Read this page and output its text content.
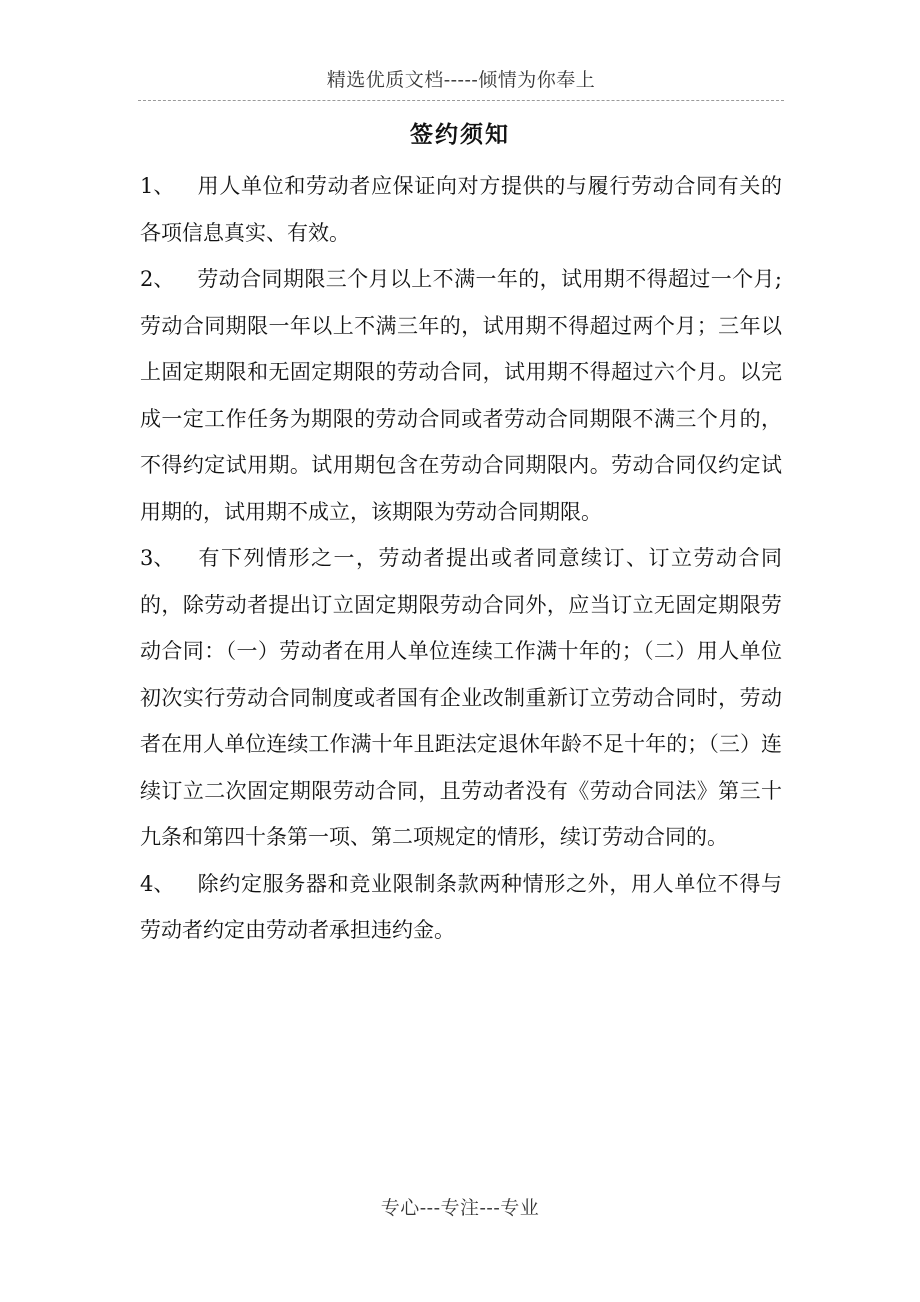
精选优质文档-----倾情为你奉上
签约须知

1、 用人单位和劳动者应保证向对方提供的与履行劳动合同有关的各项信息真实、有效。

2、 劳动合同期限三个月以上不满一年的，试用期不得超过一个月;劳动合同期限一年以上不满三年的，试用期不得超过两个月；三年以上固定期限和无固定期限的劳动合同，试用期不得超过六个月。以完成一定工作任务为期限的劳动合同或者劳动合同期限不满三个月的，不得约定试用期。试用期包含在劳动合同期限内。劳动合同仅约定试用期的，试用期不成立，该期限为劳动合同期限。

3、 有下列情形之一，劳动者提出或者同意续订、订立劳动合同的，除劳动者提出订立固定期限劳动合同外，应当订立无固定期限劳动合同：（一）劳动者在用人单位连续工作满十年的；（二）用人单位初次实行劳动合同制度或者国有企业改制重新订立劳动合同时，劳动者在用人单位连续工作满十年且距法定退休年龄不足十年的；（三）连续订立二次固定期限劳动合同，且劳动者没有《劳动合同法》第三十九条和第四十条第一项、第二项规定的情形，续订劳动合同的。

4、 除约定服务器和竞业限制条款两种情形之外，用人单位不得与劳动者约定由劳动者承担违约金。

专心---专注---专业
